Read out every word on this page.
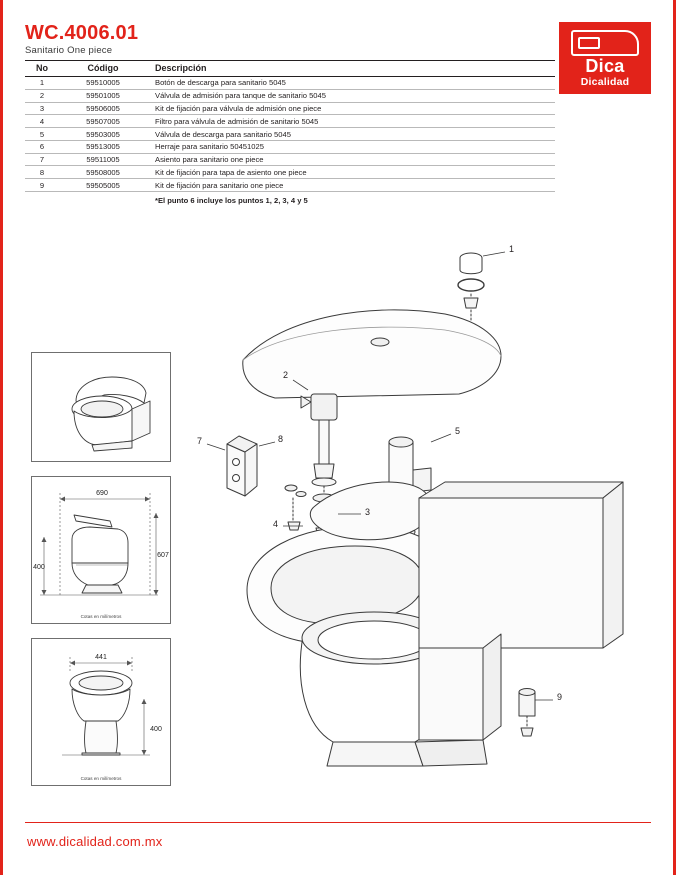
WC.4006.01
Sanitario One piece
Dica
Dicalidad
No	Código	Descripción
1	59510005	Botón de descarga para sanitario 5045
2	59501005	Válvula de admisión para tanque de sanitario 5045
3	59506005	Kit de fijación para válvula de admisión one piece
4	59507005	Filtro para válvula de admisión de sanitario 5045
5	59503005	Válvula de descarga para sanitario 5045
6	59513005	Herraje para sanitario 50451025
7	59511005	Asiento para sanitario one piece
8	59508005	Kit de fijación para tapa de asiento one piece
9	59505005	Kit de fijación para sanitario one piece
		*El punto 6 incluye los puntos 1, 2, 3, 4 y 5
690
607
400
Cotas en milímetros
441
400
Cotas en milímetros
1
2
3
4
5
7	8
9
www.dicalidad.com.mx
